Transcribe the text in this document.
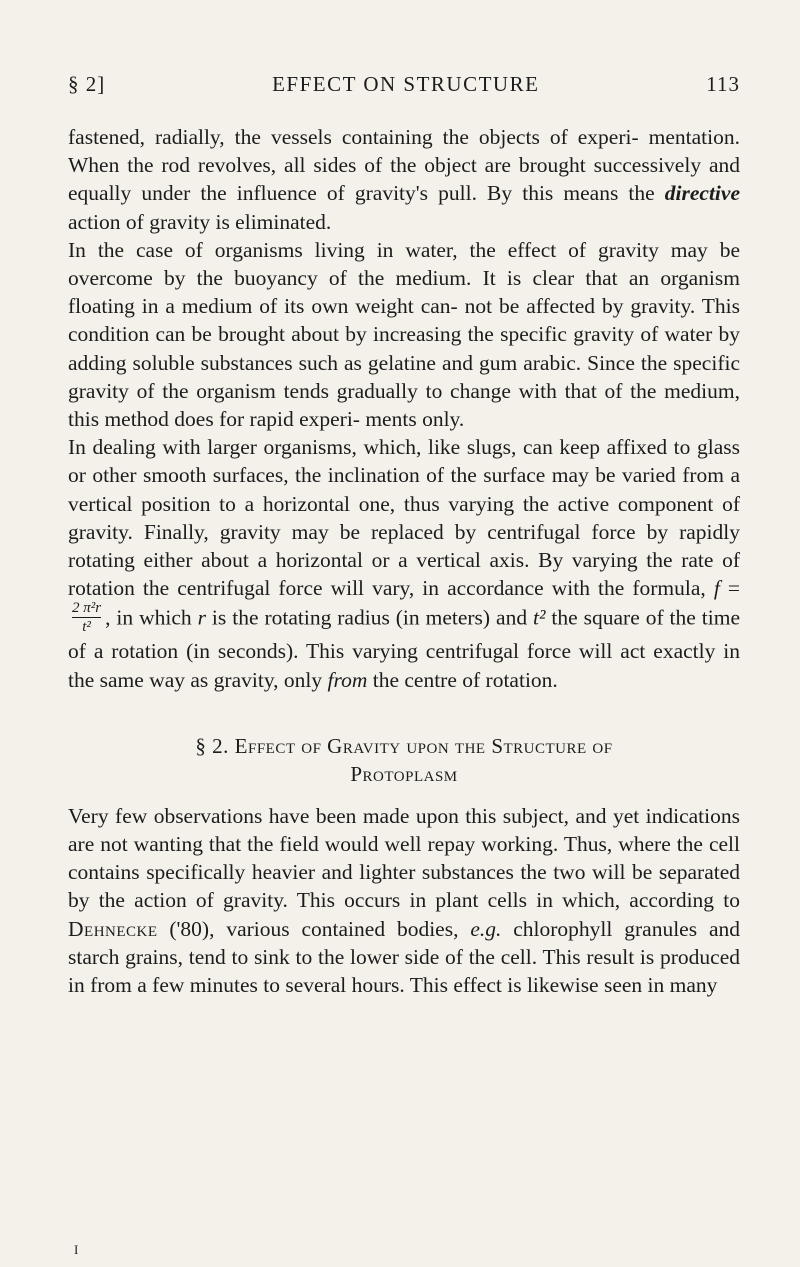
§ 2]	EFFECT ON STRUCTURE	113

fastened, radially, the vessels containing the objects of experi- mentation. When the rod revolves, all sides of the object are brought successively and equally under the influence of gravity's pull. By this means the directive action of gravity is eliminated.

In the case of organisms living in water, the effect of gravity may be overcome by the buoyancy of the medium. It is clear that an organism floating in a medium of its own weight can- not be affected by gravity. This condition can be brought about by increasing the specific gravity of water by adding soluble substances such as gelatine and gum arabic. Since the specific gravity of the organism tends gradually to change with that of the medium, this method does for rapid experi- ments only.

In dealing with larger organisms, which, like slugs, can keep affixed to glass or other smooth surfaces, the inclination of the surface may be varied from a vertical position to a horizontal one, thus varying the active component of gravity. Finally, gravity may be replaced by centrifugal force by rapidly rotating either about a horizontal or a vertical axis. By varying the rate of rotation the centrifugal force will vary, in accordance with the formula, f =
$\frac{\text{2 π²r}}{\text{t²}}$ , in which r is the rotating radius (in meters) and t² the square of the time of a rotation (in seconds). This varying centrifugal force will act exactly in the same way as gravity, only from the centre of rotation.

§ 2. Effect of Gravity upon the Structure of
Protoplasm

Very few observations have been made upon this subject, and yet indications are not wanting that the field would well repay working. Thus, where the cell contains specifically heavier and lighter substances the two will be separated by the action of gravity. This occurs in plant cells in which, according to Dehnecke ('80), various contained bodies, e.g. chlorophyll granules and starch grains, tend to sink to the lower side of the cell. This result is produced in from a few minutes to several hours. This effect is likewise seen in many

I
